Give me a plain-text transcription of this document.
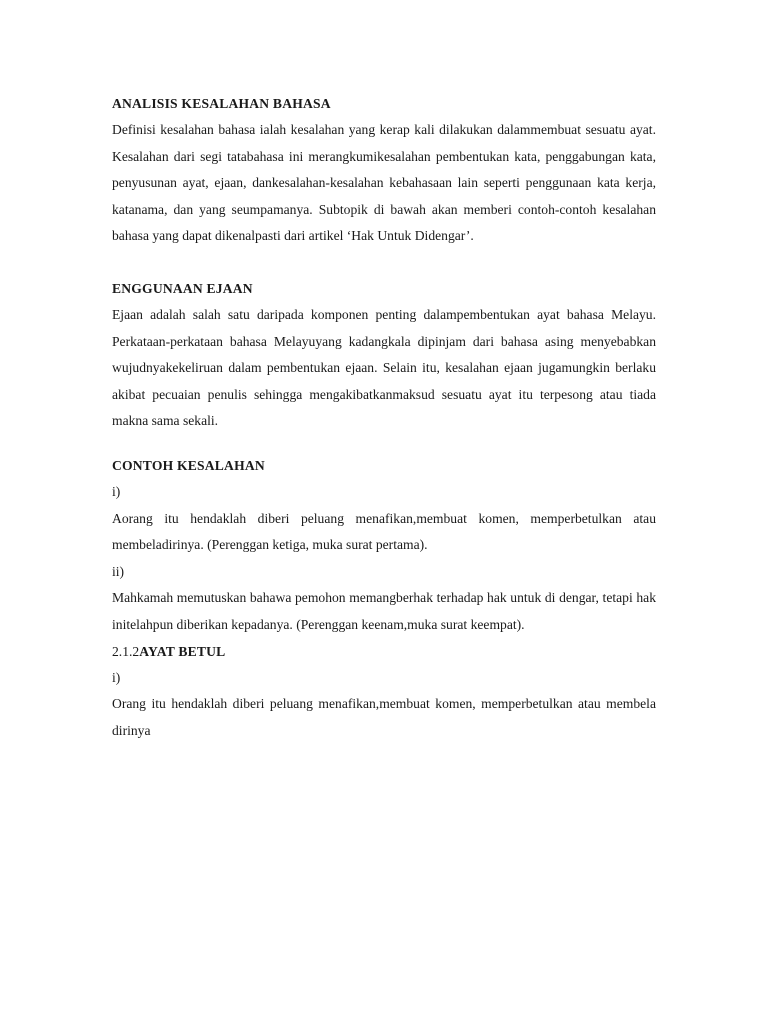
ANALISIS KESALAHAN BAHASA

Definisi kesalahan bahasa ialah kesalahan yang kerap kali dilakukan dalammembuat sesuatu ayat. Kesalahan dari segi tatabahasa ini merangkumikesalahan pembentukan kata, penggabungan kata, penyusunan ayat, ejaan, dankesalahan-kesalahan kebahasaan lain seperti penggunaan kata kerja, katanama, dan yang seumpamanya. Subtopik di bawah akan memberi contoh-contoh kesalahan bahasa yang dapat dikenalpasti dari artikel ‘Hak Untuk Didengar’.

ENGGUNAAN EJAAN

Ejaan adalah salah satu daripada komponen penting dalampembentukan ayat bahasa Melayu. Perkataan-perkataan bahasa Melayuyang kadangkala dipinjam dari bahasa asing menyebabkan wujudnyakekeliruan dalam pembentukan ejaan. Selain itu, kesalahan ejaan jugamungkin berlaku akibat pecuaian penulis sehingga mengakibatkanmaksud sesuatu ayat itu terpesong atau tiada makna sama sekali.

CONTOH KESALAHAN

i)

Aorang itu hendaklah diberi peluang menafikan,membuat komen, memperbetulkan atau membeladirinya. (Perenggan ketiga, muka surat pertama).

ii)

Mahkamah memutuskan bahawa pemohon memangberhak terhadap hak untuk di dengar, tetapi hak initelahpun diberikan kepadanya. (Perenggan keenam,muka surat keempat).

2.1.2AYAT BETUL

i)

Orang itu hendaklah diberi peluang menafikan,membuat komen, memperbetulkan atau membela dirinya
